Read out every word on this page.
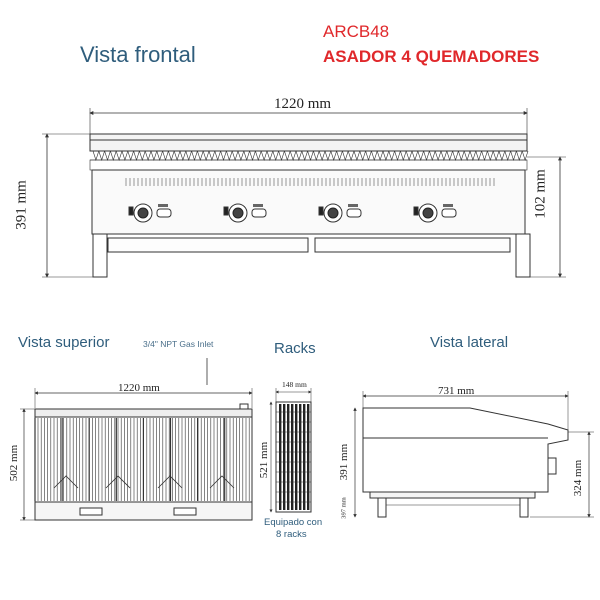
Vista frontal
ARCB48
ASADOR 4 QUEMADORES
Vista superior	3/4" NPT Gas Inlet	Racks	Vista lateral
1220 mm
391 mm	102 mm
1220 mm
502 mm
148 mm
521 mm
Equipado con
8 racks
731 mm
391 mm	324 mm
397 mm
